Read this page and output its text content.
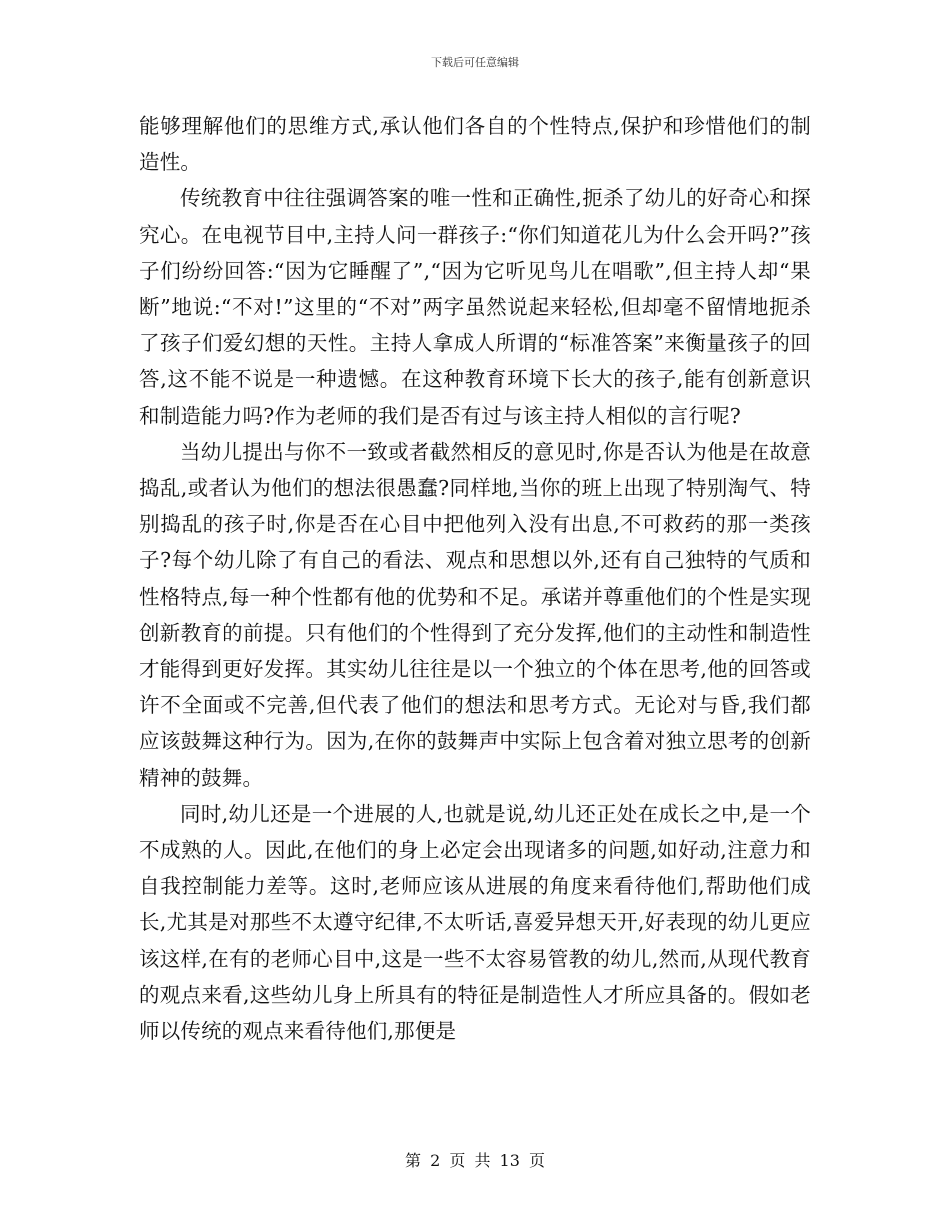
下载后可任意编辑

能够理解他们的思维方式,承认他们各自的个性特点,保护和珍惜他们的制造性。

传统教育中往往强调答案的唯一性和正确性,扼杀了幼儿的好奇心和探究心。在电视节目中,主持人问一群孩子:“你们知道花儿为什么会开吗?”孩子们纷纷回答:“因为它睡醒了”,“因为它听见鸟儿在唱歌”,但主持人却“果断”地说:“不对!”这里的“不对”两字虽然说起来轻松,但却毫不留情地扼杀了孩子们爱幻想的天性。主持人拿成人所谓的“标准答案”来衡量孩子的回答,这不能不说是一种遗憾。在这种教育环境下长大的孩子,能有创新意识和制造能力吗?作为老师的我们是否有过与该主持人相似的言行呢?

当幼儿提出与你不一致或者截然相反的意见时,你是否认为他是在故意捣乱,或者认为他们的想法很愚蠢?同样地,当你的班上出现了特别淘气、特别捣乱的孩子时,你是否在心目中把他列入没有出息,不可救药的那一类孩子?每个幼儿除了有自己的看法、观点和思想以外,还有自己独特的气质和性格特点,每一种个性都有他的优势和不足。承诺并尊重他们的个性是实现创新教育的前提。只有他们的个性得到了充分发挥,他们的主动性和制造性才能得到更好发挥。其实幼儿往往是以一个独立的个体在思考,他的回答或许不全面或不完善,但代表了他们的想法和思考方式。无论对与昏,我们都应该鼓舞这种行为。因为,在你的鼓舞声中实际上包含着对独立思考的创新精神的鼓舞。

同时,幼儿还是一个进展的人,也就是说,幼儿还正处在成长之中,是一个不成熟的人。因此,在他们的身上必定会出现诸多的问题,如好动,注意力和自我控制能力差等。这时,老师应该从进展的角度来看待他们,帮助他们成长,尤其是对那些不太遵守纪律,不太听话,喜爱异想天开,好表现的幼儿更应该这样,在有的老师心目中,这是一些不太容易管教的幼儿,然而,从现代教育的观点来看,这些幼儿身上所具有的特征是制造性人才所应具备的。假如老师以传统的观点来看待他们,那便是

第 2 页 共 13 页
